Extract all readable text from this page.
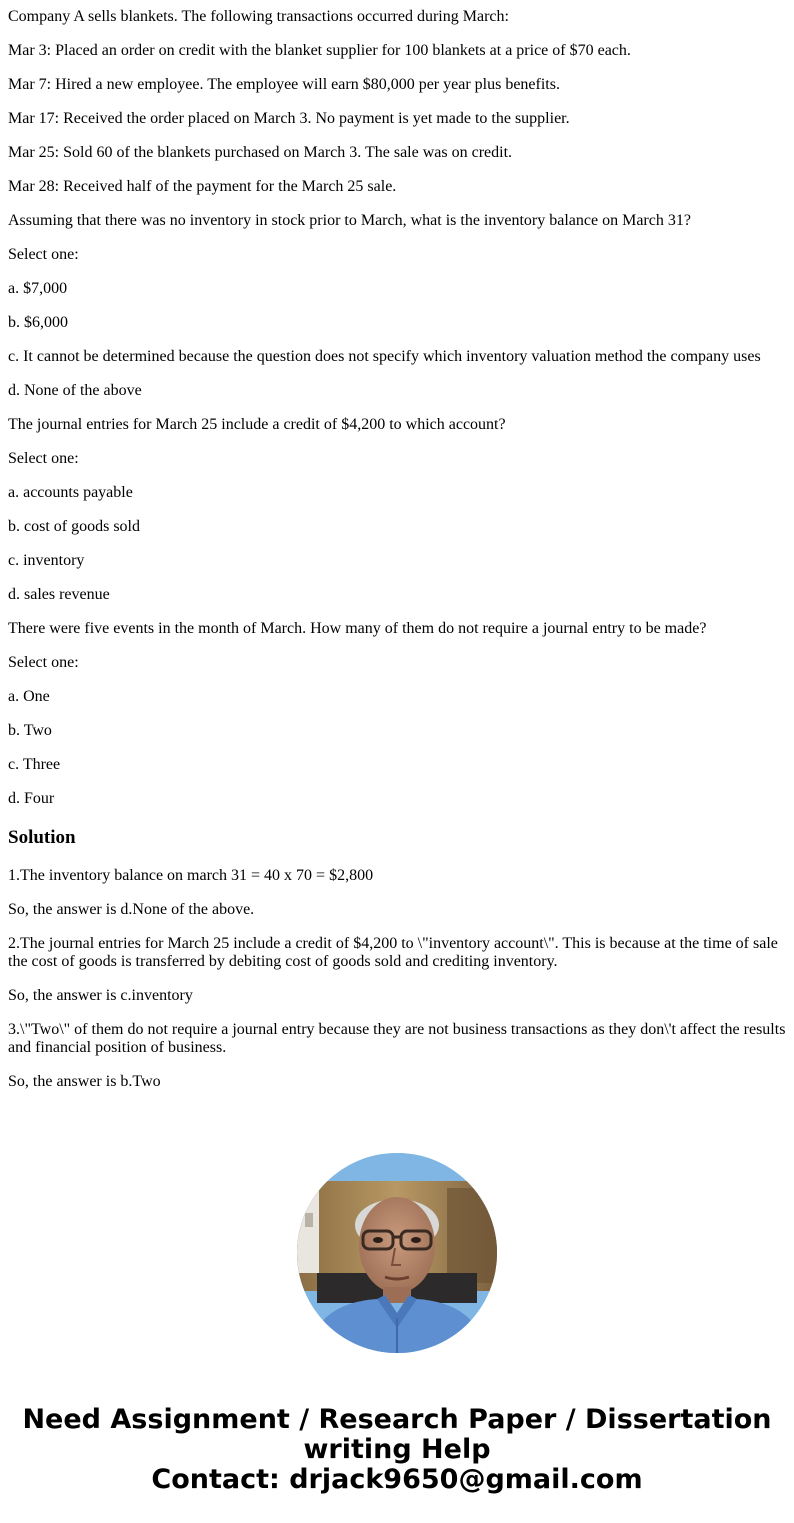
Company A sells blankets. The following transactions occurred during March:

Mar 3: Placed an order on credit with the blanket supplier for 100 blankets at a price of $70 each.

Mar 7: Hired a new employee. The employee will earn $80,000 per year plus benefits.

Mar 17: Received the order placed on March 3. No payment is yet made to the supplier.

Mar 25: Sold 60 of the blankets purchased on March 3. The sale was on credit.

Mar 28: Received half of the payment for the March 25 sale.

Assuming that there was no inventory in stock prior to March, what is the inventory balance on March 31?

Select one:

a. $7,000

b. $6,000

c. It cannot be determined because the question does not specify which inventory valuation method the company uses

d. None of the above

The journal entries for March 25 include a credit of $4,200 to which account?

Select one:

a. accounts payable

b. cost of goods sold

c. inventory

d. sales revenue

There were five events in the month of March. How many of them do not require a journal entry to be made?

Select one:

a. One

b. Two

c. Three

d. Four

Solution

1.The inventory balance on march 31 = 40 x 70 = $2,800

So, the answer is d.None of the above.

2.The journal entries for March 25 include a credit of $4,200 to \"inventory account\". This is because at the time of sale the cost of goods is transferred by debiting cost of goods sold and crediting inventory.

So, the answer is c.inventory

3.\"Two\" of them do not require a journal entry because they are not business transactions as they don\'t affect the results and financial position of business.

So, the answer is b.Two

Need Assignment / Research Paper / Dissertation
writing Help
Contact: drjack9650@gmail.com
